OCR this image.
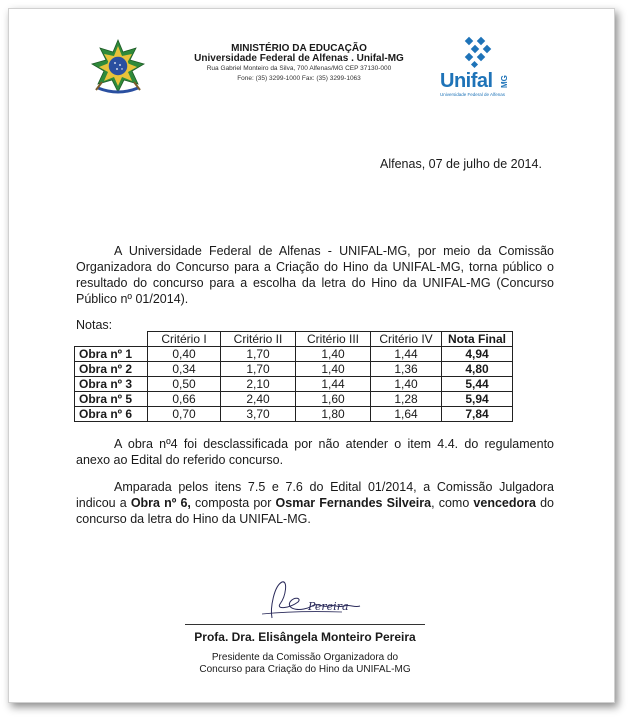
MINISTÉRIO DA EDUCAÇÃO
Universidade Federal de Alfenas . Unifal-MG
Rua Gabriel Monteiro da Silva, 700 Alfenas/MG CEP 37130-000
Fone: (35) 3299-1000 Fax: (35) 3299-1063	Unifal MG
Universidade Federal de Alfenas
Alfenas, 07 de julho de 2014.

A Universidade Federal de Alfenas - UNIFAL-MG, por meio da Comissão Organizadora do Concurso para a Criação do Hino da UNIFAL-MG, torna público o resultado do concurso para a escolha da letra do Hino da UNIFAL-MG (Concurso Público nº 01/2014).

Notas:
	Critério I	Critério II	Critério III	Critério IV	Nota Final
Obra nº 1	0,40	1,70	1,40	1,44	4,94
Obra nº 2	0,34	1,70	1,40	1,36	4,80
Obra nº 3	0,50	2,10	1,44	1,40	5,44
Obra nº 5	0,66	2,40	1,60	1,28	5,94
Obra nº 6	0,70	3,70	1,80	1,64	7,84

A obra nº4 foi desclassificada por não atender o item 4.4. do regulamento anexo ao Edital do referido concurso.

Amparada pelos itens 7.5 e 7.6 do Edital 01/2014, a Comissão Julgadora indicou a Obra nº 6, composta por Osmar Fernandes Silveira, como vencedora do concurso da letra do Hino da UNIFAL-MG.

Pereira
Profa. Dra. Elisângela Monteiro Pereira
Presidente da Comissão Organizadora do
Concurso para Criação do Hino da UNIFAL-MG
